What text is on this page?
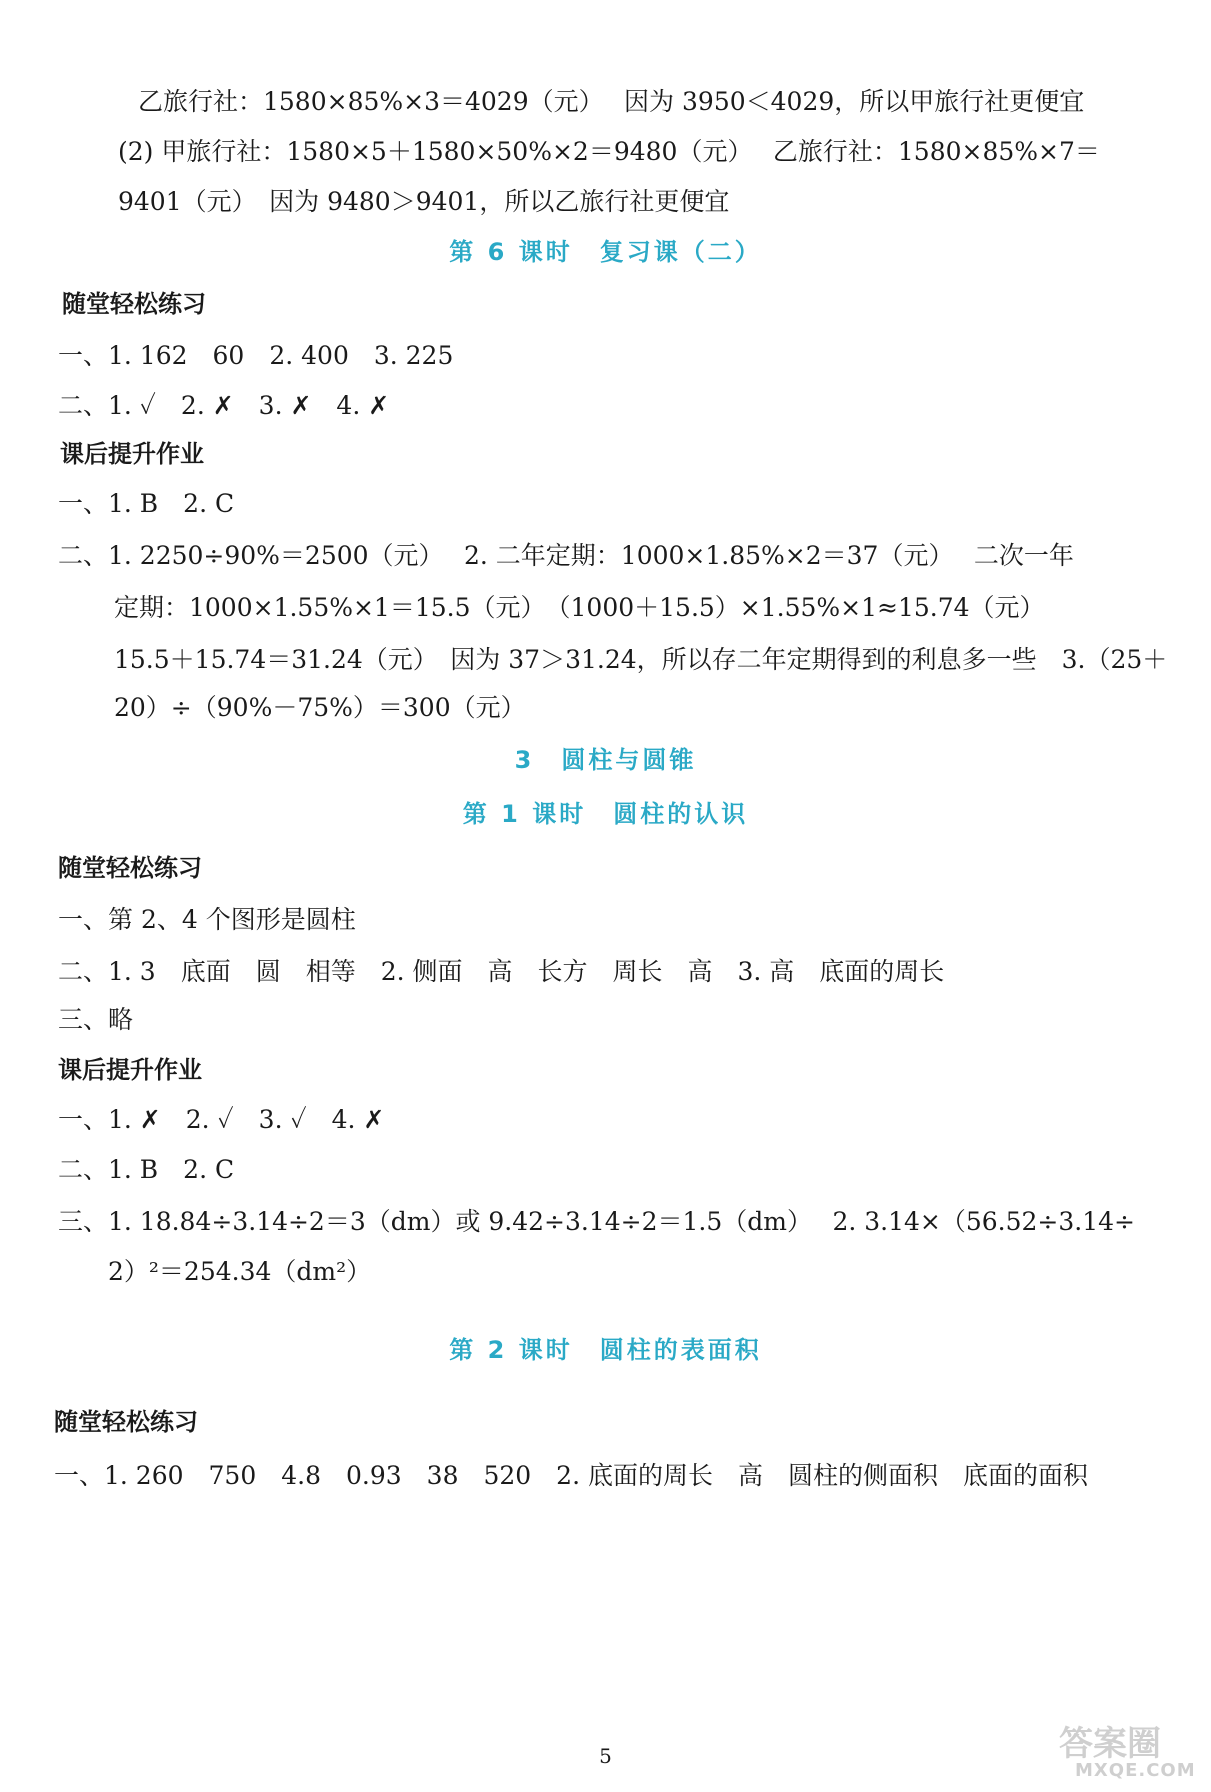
乙旅行社：1580×85%×3＝4029（元）　 因为 3950＜4029，所以甲旅行社更便宜
(2) 甲旅行社：1580×5＋1580×50%×2＝9480（元）　 乙旅行社：1580×85%×7＝
9401（元）　因为 9480＞9401，所以乙旅行社更便宜
第 6 课时　复习课（二）
随堂轻松练习
一、1. 162　60　2. 400　3. 225
二、1. ✓　2. ✗　3. ✗　4. ✗
课后提升作业
一、1. B　2. C
二、1. 2250÷90%＝2500（元）　 2. 二年定期：1000×1.85%×2＝37（元）　 二次一年
定期：1000×1.55%×1＝15.5（元）　（1000＋15.5）×1.55%×1≈15.74（元）
15.5＋15.74＝31.24（元）　因为 37＞31.24，所以存二年定期得到的利息多一些　3.（25＋
20）÷（90%－75%）＝300（元）
3　圆柱与圆锥
第 1 课时　圆柱的认识
随堂轻松练习
一、第 2、4 个图形是圆柱
二、1. 3　底面　圆　相等　2. 侧面　高　长方　周长　高　3. 高　底面的周长
三、略
课后提升作业
一、1. ✗　2. ✓　3. ✓　4. ✗
二、1. B　2. C
三、1. 18.84÷3.14÷2＝3（dm）或 9.42÷3.14÷2＝1.5（dm）　 2. 3.14×（56.52÷3.14÷
2）²＝254.34（dm²）
第 2 课时　圆柱的表面积
随堂轻松练习
一、1. 260　750　4.8　0.93　38　520　2. 底面的周长　高　圆柱的侧面积　底面的面积
5	答案圈
MXQE.COM
